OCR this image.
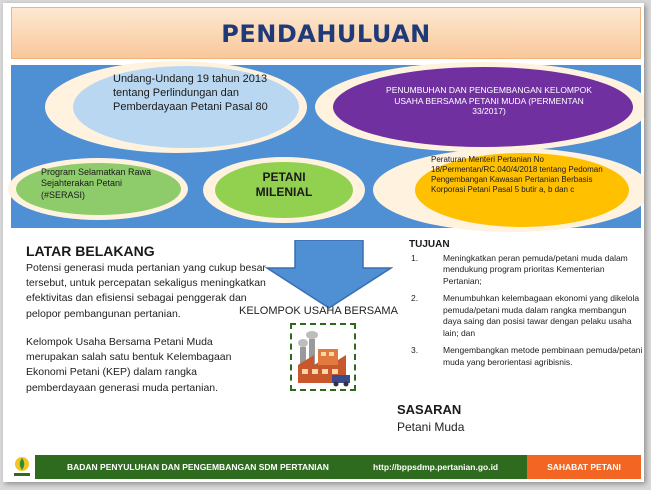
PENDAHULUAN
Undang-Undang 19 tahun 2013 tentang Perlindungan dan Pemberdayaan Petani Pasal 80
PENUMBUHAN DAN PENGEMBANGAN KELOMPOK USAHA BERSAMA PETANI MUDA (PERMENTAN 33/2017)
Program Selamatkan Rawa Sejahterakan Petani (#SERASI)
PETANI MILENIAL
Peraturan Menteri Pertanian No 18/Permentan/RC.040/4/2018 tentang Pedoman Pengembangan Kawasan Pertanian Berbasis Korporasi Petani Pasal 5 butir a, b dan c
LATAR BELAKANG

Potensi generasi muda pertanian yang cukup besar tersebut, untuk percepatan sekaligus meningkatkan efektivitas dan efisiensi sebagai penggerak dan pelopor pembangunan pertanian.

Kelompok Usaha Bersama Petani Muda merupakan salah satu bentuk Kelembagaan Ekonomi Petani (KEP) dalam rangka pemberdayaan generasi muda pertanian.

KELOMPOK USAHA BERSAMA
TUJUAN
1.	Meningkatkan peran pemuda/petani muda dalam mendukung program prioritas Kementerian Pertanian;
2.	Menumbuhkan kelembagaan ekonomi yang dikelola pemuda/petani muda dalam rangka membangun daya saing dan posisi tawar dengan pelaku usaha lain; dan
3.	Mengembangkan metode pembinaan pemuda/petani muda yang berorientasi agribisnis.
SASARAN
Petani Muda
BADAN PENYULUHAN DAN PENGEMBANGAN SDM PERTANIAN	http://bppsdmp.pertanian.go.id	SAHABAT PETANI
